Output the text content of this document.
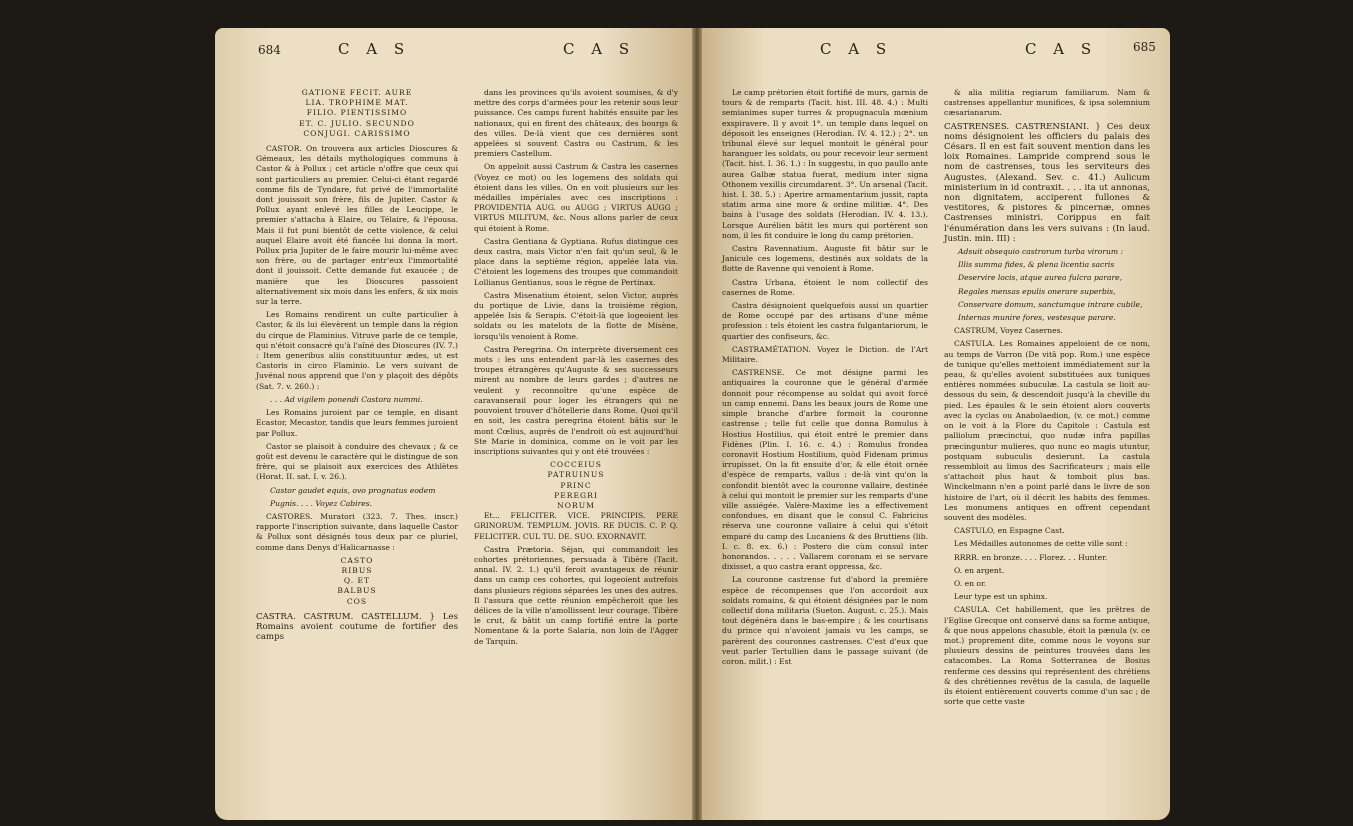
684	C A S	C A S	C A S	C A S	685

GATIONE FECIT. AURE

LIA. TROPHIME MAT.

FILIO. PIENTISSIMO

ET. C. JULIO. SECUNDO

CONJUGI. CARISSIMO

CASTOR. On trouvera aux articles Dioscures & Gémeaux, les détails mythologiques communs à Castor & à Pollux ; cet article n'offre que ceux qui sont particuliers au premier. Celui-ci étant regardé comme fils de Tyndare, fut privé de l'immortalité dont jouissoit son frère, fils de Jupiter. Castor & Pollux ayant enlevé les filles de Leucippe, le premier s'attacha à Elaire, ou Télaire, & l'épousa. Mais il fut puni bientôt de cette violence, & celui auquel Elaire avoit été fiancée lui donna la mort. Pollux pria Jupiter de le faire mourir lui-même avec son frère, ou de partager entr'eux l'immortalité dont il jouissoit. Cette demande fut exaucée ; de manière que les Dioscures passoient alternativement six mois dans les enfers, & six mois sur la terre.

Les Romains rendirent un culte particulier à Castor, & ils lui élevèrent un temple dans la région du cirque de Flaminius. Vitruve parle de ce temple, qui n'étoit consacré qu'à l'aîné des Dioscures (IV. 7.) : Item generibus aliis constituuntur ædes, ut est Castoris in circo Flaminio. Le vers suivant de Juvénal nous apprend que l'on y plaçoit des dépôts (Sat. 7. v. 260.) :

. . . Ad vigilem ponendi Castora nummi.

Les Romains juroient par ce temple, en disant Ecastor, Mecastor, tandis que leurs femmes juroient par Pollux.

Castor se plaisoit à conduire des chevaux ; & ce goût est devenu le caractère qui le distingue de son frère, qui se plaisoit aux exercices des Athlètes (Horat. II. sat. I. v. 26.).

Castor gaudet equis, ovo prognatus eodem

Pugnis. . . . Voyez Cabires.

CASTORES. Muratori (323. 7. Thes. inscr.) rapporte l'inscription suivante, dans laquelle Castor & Pollux sont désignés tous deux par ce pluriel, comme dans Denys d'Halicarnasse :

CASTO

RIBUS

Q. ET

BALBUS

COS

CASTRA. CASTRUM. CASTELLUM. } Les Romains avoient coutume de fortifier des camps

dans les provinces qu'ils avoient soumises, & d'y mettre des corps d'armées pour les retenir sous leur puissance. Ces camps furent habités ensuite par les nationaux, qui en firent des châteaux, des bourgs & des villes. De-là vient que ces dernières sont appelées si souvent Castra ou Castrum, & les premiers Castellum.

On appeloit aussi Castrum & Castra les casernes (Voyez ce mot) ou les logemens des soldats qui étoient dans les villes. On en voit plusieurs sur les médailles impériales avec ces inscriptions : PROVIDENTIA AUG. ou AUGG ; VIRTUS AUGG ; VIRTUS MILITUM, &c. Nous allons parler de ceux qui étoient à Rome.

Castra Gentiana & Gyptiana. Rufus distingue ces deux castra, mais Victor n'en fait qu'un seul, & le place dans la septième région, appelée lata via. C'étoient les logemens des troupes que commandoit Lollianus Gentianus, sous le règne de Pertinax.

Castra Misenatium étoient, selon Victor, auprès du portique de Livie, dans la troisième région, appelée Isis & Serapis. C'étoit-là que logeoient les soldats ou les matelots de la flotte de Misène, lorsqu'ils venoient à Rome.

Castra Peregrina. On interprète diversement ces mots : les uns entendent par-là les casernes des troupes étrangères qu'Auguste & ses successeurs mirent au nombre de leurs gardes ; d'autres ne veulent y reconnoître qu'une espèce de caravanserail pour loger les étrangers qui ne pouvoient trouver d'hôtellerie dans Rome. Quoi qu'il en soit, les castra peregrina étoient bâtis sur le mont Cœlius, auprès de l'endroit où est aujourd'hui Ste Marie in dominica, comme on le voit par les inscriptions suivantes qui y ont été trouvées :

COCCEIUS

PATRUINUS

PRINC

PEREGRI

NORUM

Et... FELICITER. VICE. PRINCIPIS. PERE GRINORUM. TEMPLUM. JOVIS. RE DUCIS. C. P. Q. FELICITER. CUL TU. DE. SUO. EXORNAVIT.

Castra Prætoria. Séjan, qui commandoit les cohortes prétoriennes, persuada à Tibère (Tacit. annal. IV. 2. 1.) qu'il feroit avantageux de réunir dans un camp ces cohortes, qui logeoient autrefois dans plusieurs régions séparées les unes des autres. Il l'assura que cette réunion empêcheroit que les délices de la ville n'amollissent leur courage. Tibère le crut, & bâtit un camp fortifié entre la porte Nomentane & la porte Salaria, non loin de l'Agger de Tarquin.

Le camp prétorien étoit fortifié de murs, garnis de tours & de remparts (Tacit. hist. III. 48. 4.) : Multi semianimes super turres & propugnacula mœnium exspiravere. Il y avoit 1°. un temple dans lequel on déposoit les enseignes (Herodian. IV. 4. 12.) ; 2°. un tribunal élevé sur lequel montoit le général pour haranguer les soldats, ou pour recevoir leur serment (Tacit. hist. I. 36. 1.) : In suggestu, in quo paullo ante aurea Galbæ statua fuerat, medium inter signa Othonem vexillis circumdarent. 3°. Un arsenal (Tacit. hist. I. 38. 5.) : Aperire armamentarium jussit, rapta statim arma sine more & ordine militiæ. 4°. Des bains à l'usage des soldats (Herodian. IV. 4. 13.). Lorsque Aurélien bâtit les murs qui portèrent son nom, il les fit conduire le long du camp prétorien.

Castra Ravennatium. Auguste fit bâtir sur le Janicule ces logemens, destinés aux soldats de la flotte de Ravenne qui venoient à Rome.

Castra Urbana, étoient le nom collectif des casernes de Rome.

Castra désignoient quelquefois aussi un quartier de Rome occupé par des artisans d'une même profession : tels étoient les castra fulgantariorum, le quartier des confiseurs, &c.

CASTRAMÉTATION. Voyez le Diction. de l'Art Militaire.

CASTRENSE. Ce mot désigne parmi les antiquaires la couronne que le général d'armée donnoit pour récompense au soldat qui avoit forcé un camp ennemi. Dans les beaux jours de Rome une simple branche d'arbre formoit la couronne castrense ; telle fut celle que donna Romulus à Hostius Hostilius, qui étoit entré le premier dans Fidènes (Plin. I. 16. c. 4.) : Romulus frondea coronavit Hostium Hostilium, quòd Fidenam primus irrupisset. On la fit ensuite d'or, & elle étoit ornée d'espèce de remparts, vallus : de-là vint qu'on la confondit bientôt avec la couronne vallaire, destinée à celui qui montoit le premier sur les remparts d'une ville assiégée. Valère-Maxime les a effectivement confondues, en disant que le consul C. Fabricius réserva une couronne vallaire à celui qui s'étoit emparé du camp des Lucaniens & des Bruttiens (lib. I. c. 8. ex. 6.) : Postero die cùm consul inter honorandos. . . . . Vallarem coronam ei se servare dixisset, a quo castra erant oppressa, &c.

La couronne castrense fut d'abord la première espèce de récompenses que l'on accordoit aux soldats romains, & qui étoient désignées par le nom collectif dona militaria (Sueton. August. c. 25.). Mais tout dégénéra dans le bas-empire ; & les courtisans du prince qui n'avoient jamais vu les camps, se parèrent des couronnes castrenses. C'est d'eux que veut parler Tertullien dans le passage suivant (de coron. milit.) : Est

& alia militia regiarum familiarum. Nam & castrenses appellantur munifices, & ipsa solemnium cæsarianarum.

CASTRENSES. CASTRENSIANI. } Ces deux noms désignoient les officiers du palais des Césars. Il en est fait souvent mention dans les loix Romaines. Lampride comprend sous le nom de castrenses, tous les serviteurs des Augustes. (Alexand. Sev. c. 41.) Aulicum ministerium in id contraxit. . . . ita ut annonas, non dignitatem, acciperent fullones & vestitores, & pistores & pincernæ, omnes Castrenses ministri. Corippus en fait l'énumération dans les vers suivans : (In laud. Justin. min. III) :

Adsuit obsequio castrorum turba virorum :

Illis summa fides, & plena licentia sacris

Deservire locis, atque aurea fulcra parare,

Regales mensas epulis onerare superbis,

Conservare domum, sanctumque intrare cubile,

Internas munire fores, vestesque parare.

CASTRUM, Voyez Casernes.

CASTULA. Les Romaines appeloient de ce nom, au temps de Varron (De vitâ pop. Rom.) une espèce de tunique qu'elles mettoient immédiatement sur la peau, & qu'elles avoient substituées aux tuniques entières nommées subuculæ. La castula se lioit au-dessous du sein, & descendoit jusqu'à la cheville du pied. Les épaules & le sein étoient alors couverts avec la cyclas ou Anabolaedion, (v. ce mot.) comme on le voit à la Flore du Capitole : Castula est palliolum præcinctui, quo nudæ infra papillas præcinguntur mulieres, quo nunc eo magis utuntur, postquam subuculis desierunt. La castula ressembloit au limus des Sacrificateurs ; mais elle s'attachoit plus haut & tomboit plus bas. Winckelmann n'en a point parlé dans le livre de son histoire de l'art, où il décrit les habits des femmes. Les monumens antiques en offrent cependant souvent des modèles.

CASTULO, en Espagne Cast.

Les Médailles autonomes de cette ville sont :

RRRR. en bronze. . . . Florez. . . Hunter.

O. en argent.

O. en or.

Leur type est un sphinx.

CASULA. Cet habillement, que les prêtres de l'Eglise Grecque ont conservé dans sa forme antique, & que nous appelons chasuble, étoit la pænula (v. ce mot.) proprement dite, comme nous le voyons sur plusieurs dessins de peintures trouvées dans les catacombes. La Roma Sotterranea de Bosius renferme ces dessins qui représentent des chrétiens & des chrétiennes revêtus de la casula, de laquelle ils étoient entièrement couverts comme d'un sac ; de sorte que cette vaste
